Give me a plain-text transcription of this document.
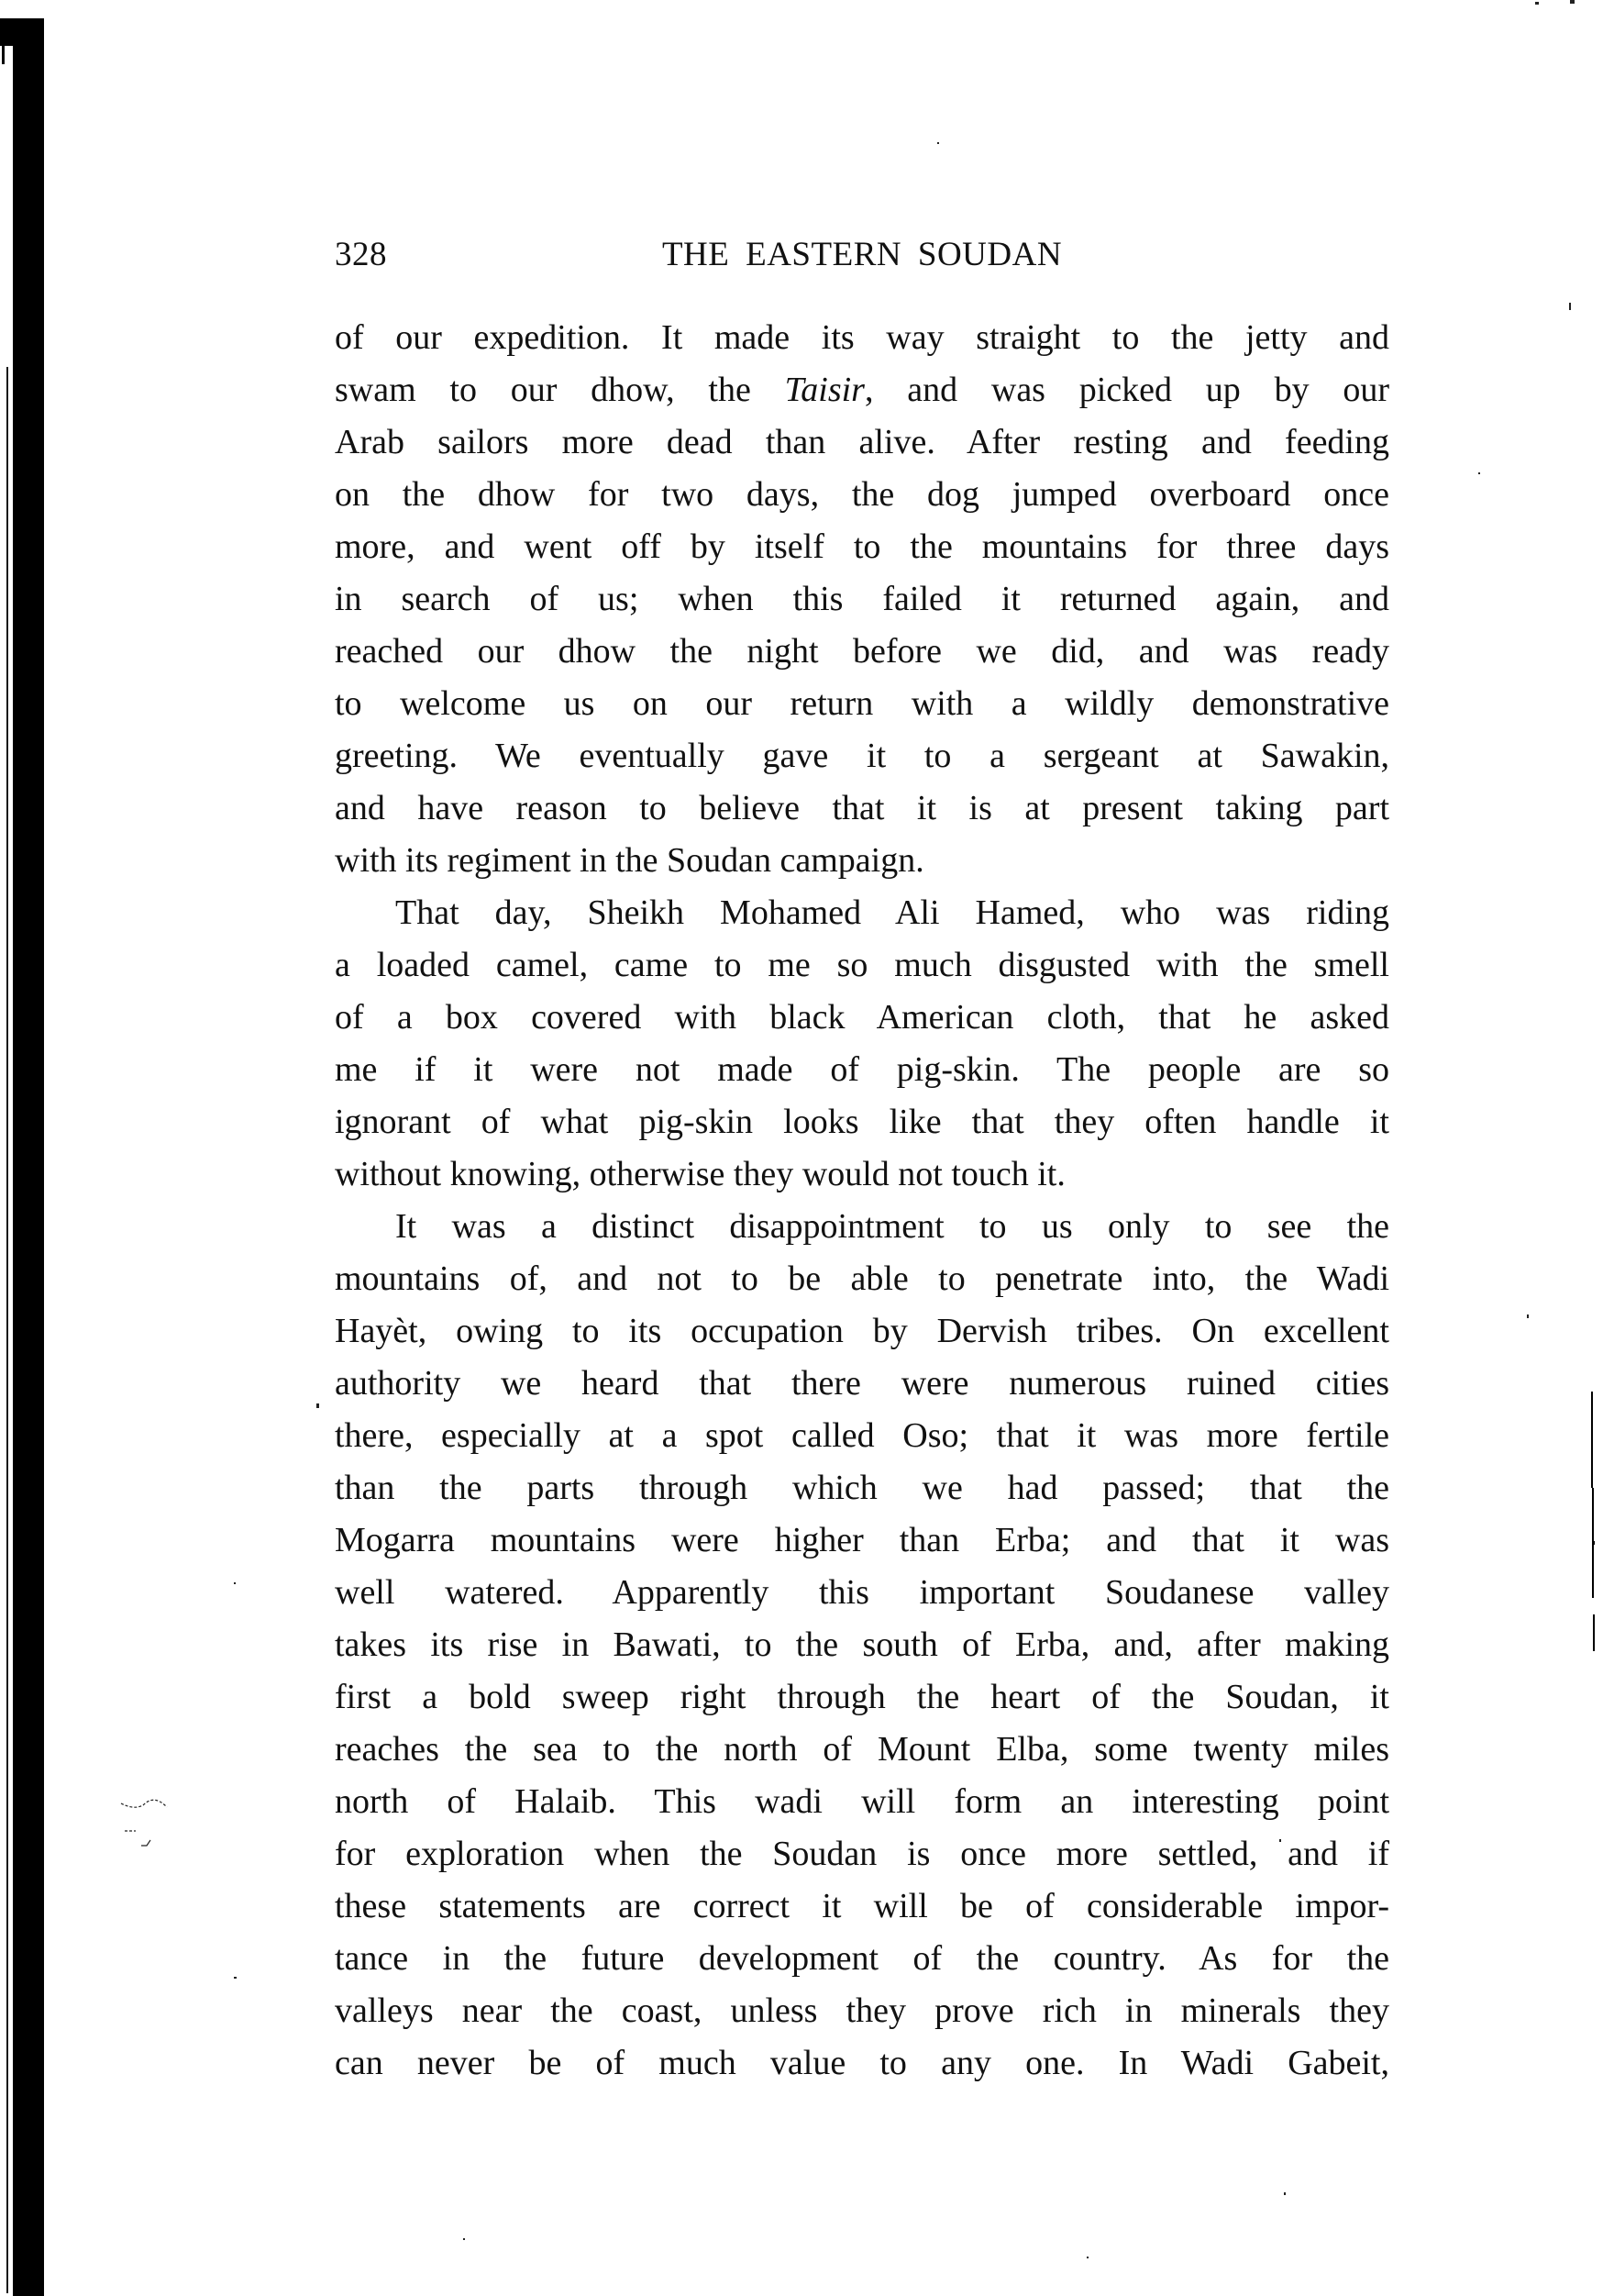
328	THE EASTERN SOUDAN
of our expedition. It made its way straight to the jetty and
swam to our dhow, the Taisir, and was picked up by our
Arab sailors more dead than alive. After resting and feeding
on the dhow for two days, the dog jumped overboard once
more, and went off by itself to the mountains for three days
in search of us; when this failed it returned again, and
reached our dhow the night before we did, and was ready
to welcome us on our return with a wildly demonstrative
greeting. We eventually gave it to a sergeant at Sawakin,
and have reason to believe that it is at present taking part
with its regiment in the Soudan campaign.
That day, Sheikh Mohamed Ali Hamed, who was riding
a loaded camel, came to me so much disgusted with the smell
of a box covered with black American cloth, that he asked
me if it were not made of pig-skin. The people are so
ignorant of what pig-skin looks like that they often handle it
without knowing, otherwise they would not touch it.
It was a distinct disappointment to us only to see the
mountains of, and not to be able to penetrate into, the Wadi
Hayèt, owing to its occupation by Dervish tribes. On excellent
authority we heard that there were numerous ruined cities
there, especially at a spot called Oso; that it was more fertile
than the parts through which we had passed; that the
Mogarra mountains were higher than Erba; and that it was
well watered. Apparently this important Soudanese valley
takes its rise in Bawati, to the south of Erba, and, after making
first a bold sweep right through the heart of the Soudan, it
reaches the sea to the north of Mount Elba, some twenty miles
north of Halaib. This wadi will form an interesting point
for exploration when the Soudan is once more settled, and if
these statements are correct it will be of considerable impor-
tance in the future development of the country. As for the
valleys near the coast, unless they prove rich in minerals they
can never be of much value to any one. In Wadi Gabeit,
